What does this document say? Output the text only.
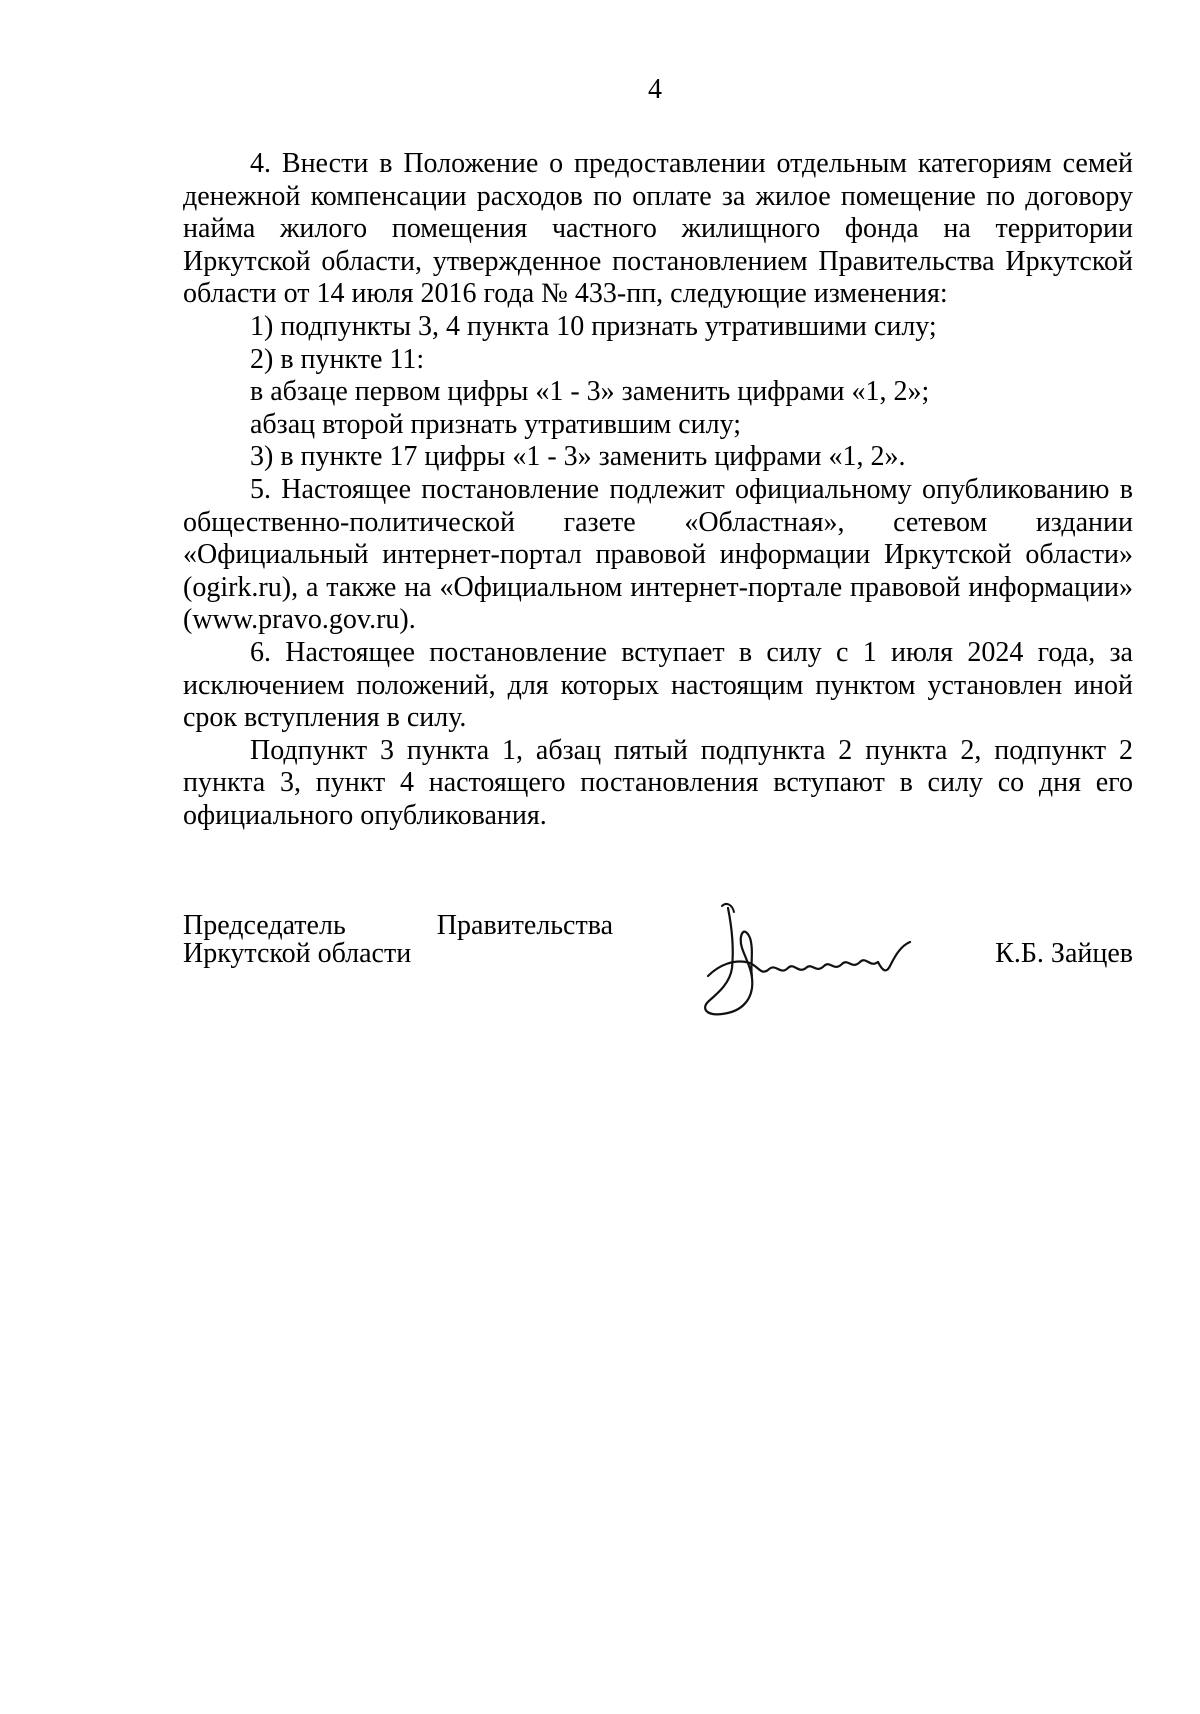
4

4. Внести в Положение о предоставлении отдельным категориям семей денежной компенсации расходов по оплате за жилое помещение по договору найма жилого помещения частного жилищного фонда на территории Иркутской области, утвержденное постановлением Правительства Иркутской области от 14 июля 2016 года № 433-пп, следующие изменения:

1) подпункты 3, 4 пункта 10 признать утратившими силу;

2) в пункте 11:

в абзаце первом цифры «1 - 3» заменить цифрами «1, 2»;

абзац второй признать утратившим силу;

3) в пункте 17 цифры «1 - 3» заменить цифрами «1, 2».

5. Настоящее постановление подлежит официальному опубликованию в общественно-политической газете «Областная», сетевом издании «Официальный интернет-портал правовой информации Иркутской области» (ogirk.ru), а также на «Официальном интернет-портале правовой информации» (www.pravo.gov.ru).

6. Настоящее постановление вступает в силу с 1 июля 2024 года, за исключением положений, для которых настоящим пунктом установлен иной срок вступления в силу.

Подпункт 3 пункта 1, абзац пятый подпункта 2 пункта 2, подпункт 2 пункта 3, пункт 4 настоящего постановления вступают в силу со дня его официального опубликования.

Председатель	Правительства
Иркутской области	К.Б. Зайцев
